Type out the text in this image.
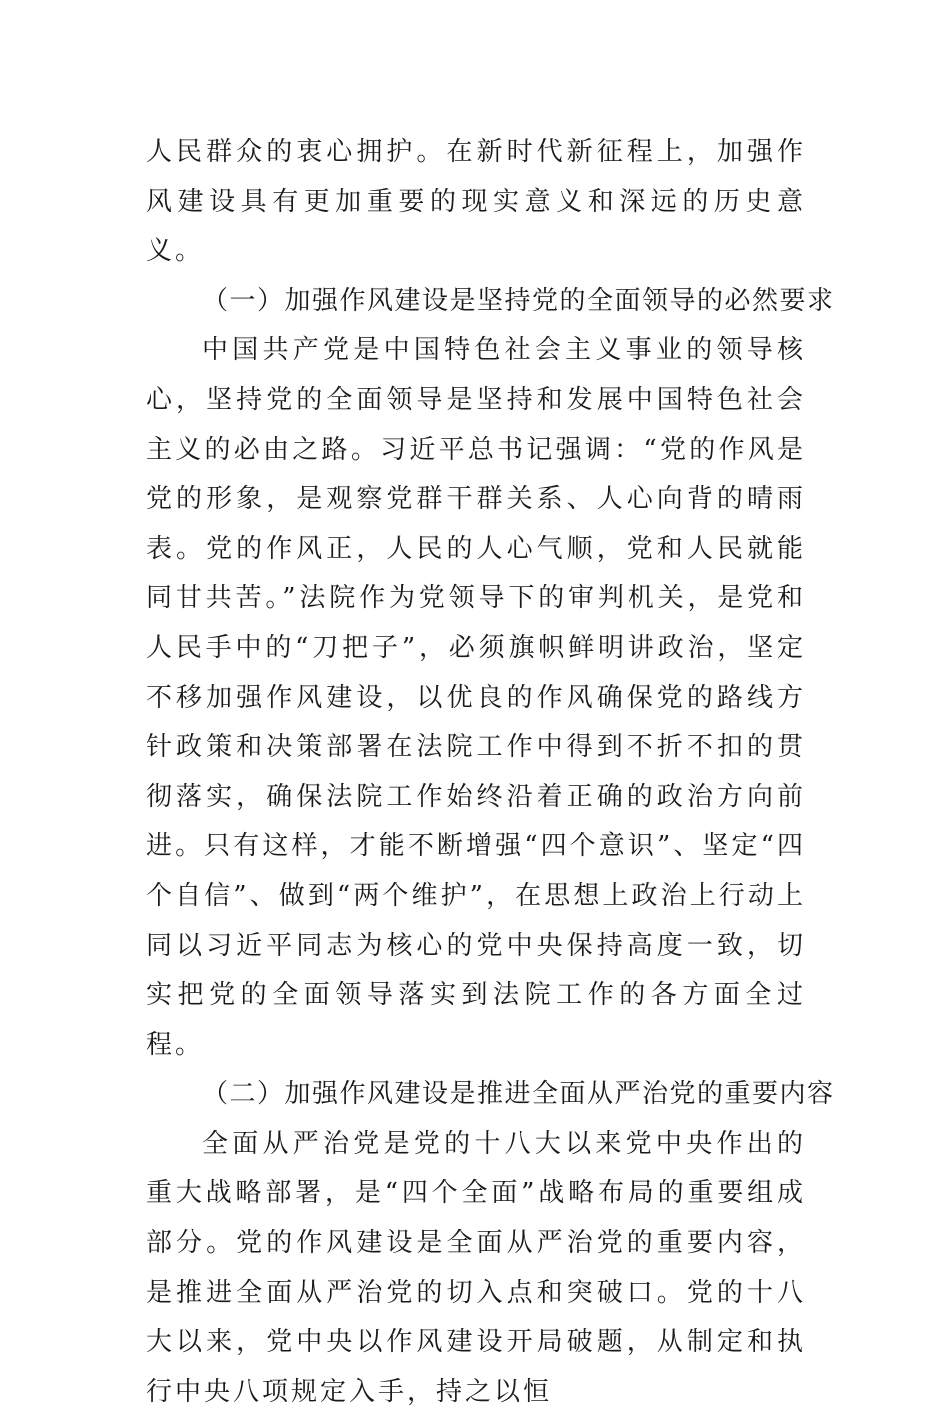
人民群众的衷心拥护。在新时代新征程上，加强作风建设具有更加重要的现实意义和深远的历史意义。

（一）加强作风建设是坚持党的全面领导的必然要求

中国共产党是中国特色社会主义事业的领导核心，坚持党的全面领导是坚持和发展中国特色社会主义的必由之路。习近平总书记强调：“党的作风是党的形象，是观察党群干群关系、人心向背的晴雨表。党的作风正，人民的人心气顺，党和人民就能同甘共苦。”法院作为党领导下的审判机关，是党和人民手中的“刀把子”，必须旗帜鲜明讲政治，坚定不移加强作风建设，以优良的作风确保党的路线方针政策和决策部署在法院工作中得到不折不扣的贯彻落实，确保法院工作始终沿着正确的政治方向前进。只有这样，才能不断增强“四个意识”、坚定“四个自信”、做到“两个维护”，在思想上政治上行动上同以习近平同志为核心的党中央保持高度一致，切实把党的全面领导落实到法院工作的各方面全过程。

（二）加强作风建设是推进全面从严治党的重要内容

全面从严治党是党的十八大以来党中央作出的重大战略部署，是“四个全面”战略布局的重要组成部分。党的作风建设是全面从严治党的重要内容，是推进全面从严治党的切入点和突破口。党的十八大以来，党中央以作风建设开局破题，从制定和执行中央八项规定入手，持之以恒
